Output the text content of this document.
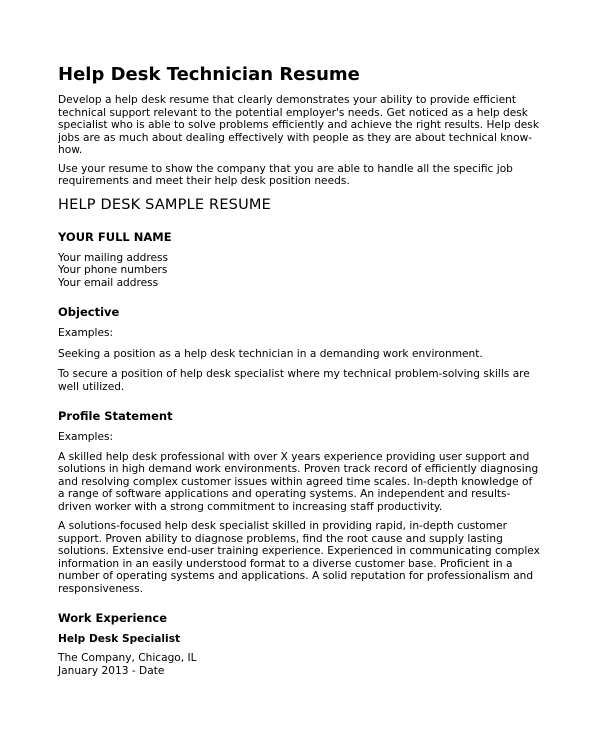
Help Desk Technician Resume

Develop a help desk resume that clearly demonstrates your ability to provide efficient technical support relevant to the potential employer's needs. Get noticed as a help desk specialist who is able to solve problems efficiently and achieve the right results. Help desk jobs are as much about dealing effectively with people as they are about technical know-how.

Use your resume to show the company that you are able to handle all the specific job requirements and meet their help desk position needs.

HELP DESK SAMPLE RESUME
YOUR FULL NAME
Your mailing address
Your phone numbers
Your email address
Objective

Examples:

Seeking a position as a help desk technician in a demanding work environment.

To secure a position of help desk specialist where my technical problem-solving skills are well utilized.

Profile Statement

Examples:

A skilled help desk professional with over X years experience providing user support and solutions in high demand work environments. Proven track record of efficiently diagnosing and resolving complex customer issues within agreed time scales. In-depth knowledge of a range of software applications and operating systems. An independent and results-driven worker with a strong commitment to increasing staff productivity.

A solutions-focused help desk specialist skilled in providing rapid, in-depth customer support. Proven ability to diagnose problems, find the root cause and supply lasting solutions. Extensive end-user training experience. Experienced in communicating complex information in an easily understood format to a diverse customer base. Proficient in a number of operating systems and applications. A solid reputation for professionalism and responsiveness.

Work Experience

Help Desk Specialist

The Company, Chicago, IL
January 2013 - Date
